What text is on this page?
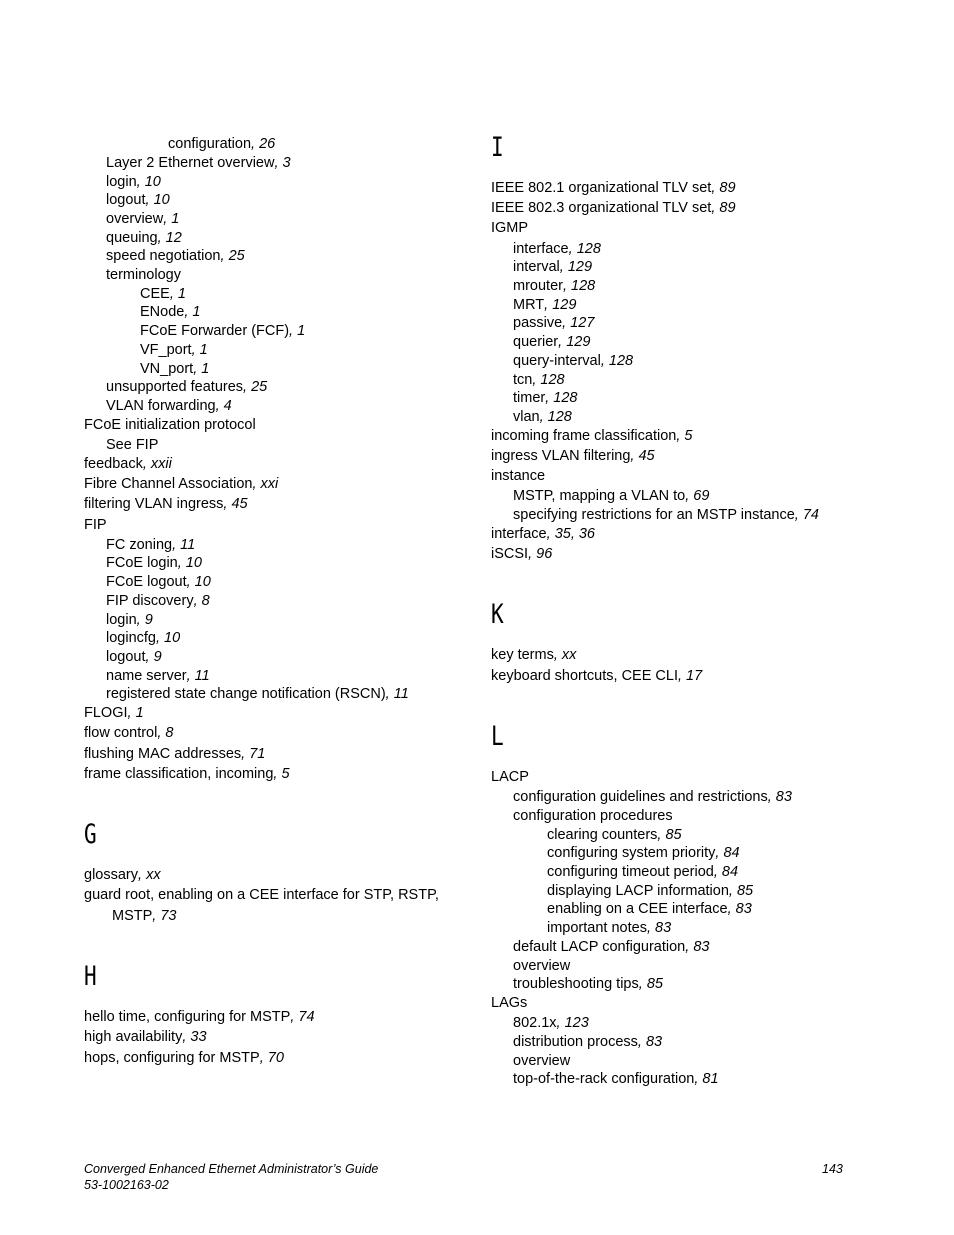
configuration, 26
Layer 2 Ethernet overview, 3
login, 10
logout, 10
overview, 1
queuing, 12
speed negotiation, 25
terminology
CEE, 1
ENode, 1
FCoE Forwarder (FCF), 1
VF_port, 1
VN_port, 1
unsupported features, 25
VLAN forwarding, 4
FCoE initialization protocol
See FIP
feedback, xxii
Fibre Channel Association, xxi
filtering VLAN ingress, 45
FIP
FC zoning, 11
FCoE login, 10
FCoE logout, 10
FIP discovery, 8
login, 9
logincfg, 10
logout, 9
name server, 11
registered state change notification (RSCN), 11
FLOGI, 1
flow control, 8
flushing MAC addresses, 71
frame classification, incoming, 5
G
glossary, xx
guard root, enabling on a CEE interface for STP, RSTP,
MSTP, 73
H
hello time, configuring for MSTP, 74
high availability, 33
hops, configuring for MSTP, 70
I
IEEE 802.1 organizational TLV set, 89
IEEE 802.3 organizational TLV set, 89
IGMP
interface, 128
interval, 129
mrouter, 128
MRT, 129
passive, 127
querier, 129
query-interval, 128
tcn, 128
timer, 128
vlan, 128
incoming frame classification, 5
ingress VLAN filtering, 45
instance
MSTP, mapping a VLAN to, 69
specifying restrictions for an MSTP instance, 74
interface, 35, 36
iSCSI, 96
K
key terms, xx
keyboard shortcuts, CEE CLI, 17
L
LACP
configuration guidelines and restrictions, 83
configuration procedures
clearing counters, 85
configuring system priority, 84
configuring timeout period, 84
displaying LACP information, 85
enabling on a CEE interface, 83
important notes, 83
default LACP configuration, 83
overview
troubleshooting tips, 85
LAGs
802.1x, 123
distribution process, 83
overview
top-of-the-rack configuration, 81
Converged Enhanced Ethernet Administrator’s Guide
53-1002163-02
143
